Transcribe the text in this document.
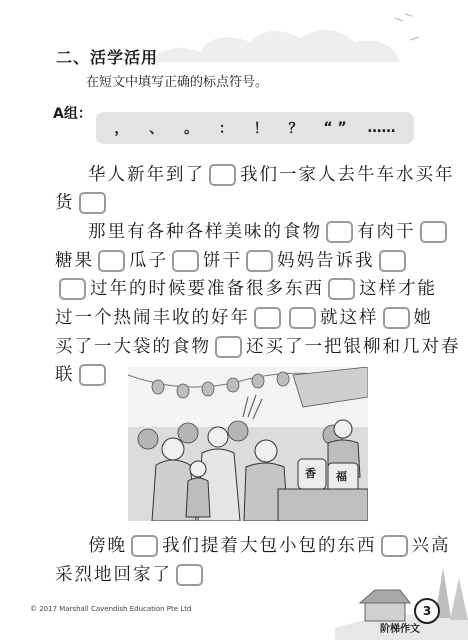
二、活学活用
在短文中填写正确的标点符号。
A组：
， 、 。 ： ！ ？ “ ” ……
华人新年到了 我们一家人去牛车水买年
货
那里有各种各样美味的食物 有肉干
糖果 瓜子 饼干 妈妈告诉我
过年的时候要准备很多东西 这样才能
过一个热闹丰收的好年	就这样 她
买了一大袋的食物 还买了一把银柳和几对春
联
香 福
傍晚 我们提着大包小包的东西 兴高
采烈地回家了
© 2017 Marshall Cavendish Education Pte Ltd	3
阶梯作文
